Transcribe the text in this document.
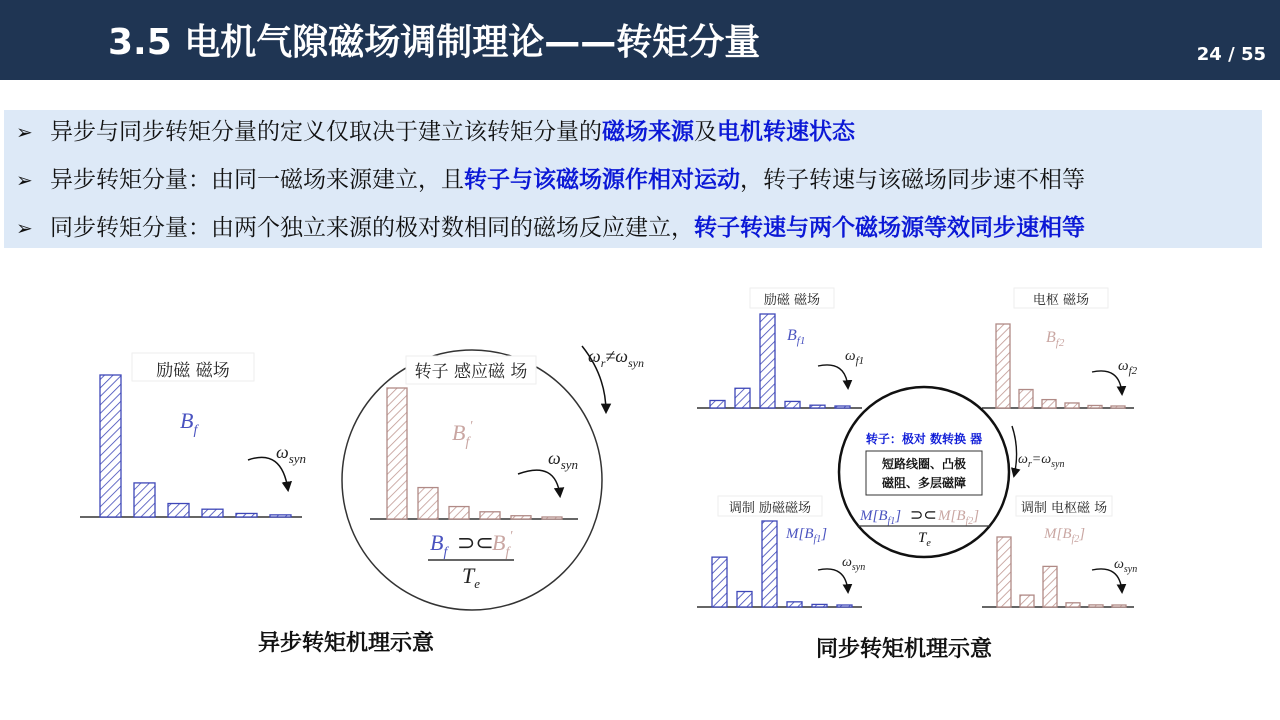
3.5 电机气隙磁场调制理论——转矩分量	24 / 55
➢ 异步与同步转矩分量的定义仅取决于建立该转矩分量的磁场来源及电机转速状态
➢ 异步转矩分量：由同一磁场来源建立，且转子与该磁场源作相对运动，转子转速与该磁场同步速不相等
➢ 同步转矩分量：由两个独立来源的极对数相同的磁场反应建立，转子转速与两个磁场源等效同步速相等
励磁 磁场
$B_f$
$\omega_{syn}$
转子 感应磁 场
$B_f'$
$\omega_{syn}$
$B_f$ ⊃⊂
$B_f'$
$T_e$
$\omega_r\ne\omega_{syn}$
励磁 磁场
$B_{f1}$
$\omega_{f1}$
电枢 磁场
$B_{f2}$
$\omega_{f2}$
转子：极对 数转换 器
短路线圈、凸极
磁阻、多层磁障
$M[B_{f1}]$ ⊃⊂ $M[B_{f2}]$
$T_e$
$\omega_r=\omega_{syn}$
调制 励磁磁场
$M[B_{f1}]$
$\omega_{syn}$
调制 电枢磁 场
$M[B_{f2}]$
$\omega_{syn}$
异步转矩机理示意	同步转矩机理示意
